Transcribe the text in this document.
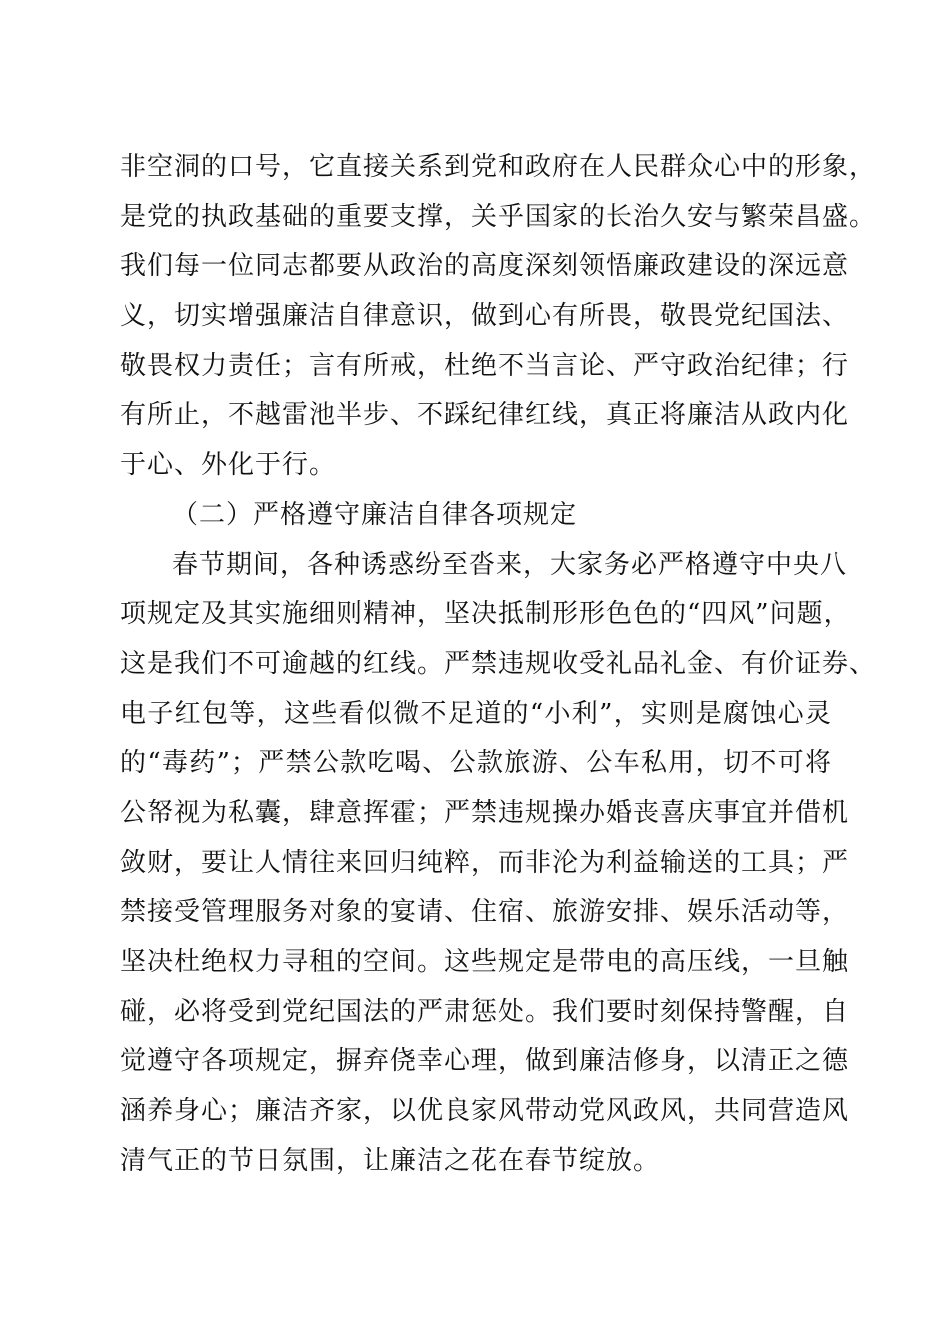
非空洞的口号，它直接关系到党和政府在人民群众心中的形象，
是党的执政基础的重要支撑，关乎国家的长治久安与繁荣昌盛。
我们每一位同志都要从政治的高度深刻领悟廉政建设的深远意
义，切实增强廉洁自律意识，做到心有所畏，敬畏党纪国法、
敬畏权力责任；言有所戒，杜绝不当言论、严守政治纪律；行
有所止，不越雷池半步、不踩纪律红线，真正将廉洁从政内化
于心、外化于行。
（二）严格遵守廉洁自律各项规定
春节期间，各种诱惑纷至沓来，大家务必严格遵守中央八
项规定及其实施细则精神，坚决抵制形形色色的“四风”问题，
这是我们不可逾越的红线。严禁违规收受礼品礼金、有价证券、
电子红包等，这些看似微不足道的“小利”，实则是腐蚀心灵
的“毒药”；严禁公款吃喝、公款旅游、公车私用，切不可将
公帑视为私囊，肆意挥霍；严禁违规操办婚丧喜庆事宜并借机
敛财，要让人情往来回归纯粹，而非沦为利益输送的工具；严
禁接受管理服务对象的宴请、住宿、旅游安排、娱乐活动等，
坚决杜绝权力寻租的空间。这些规定是带电的高压线，一旦触
碰，必将受到党纪国法的严肃惩处。我们要时刻保持警醒，自
觉遵守各项规定，摒弃侥幸心理，做到廉洁修身，以清正之德
涵养身心；廉洁齐家，以优良家风带动党风政风，共同营造风
清气正的节日氛围，让廉洁之花在春节绽放。
